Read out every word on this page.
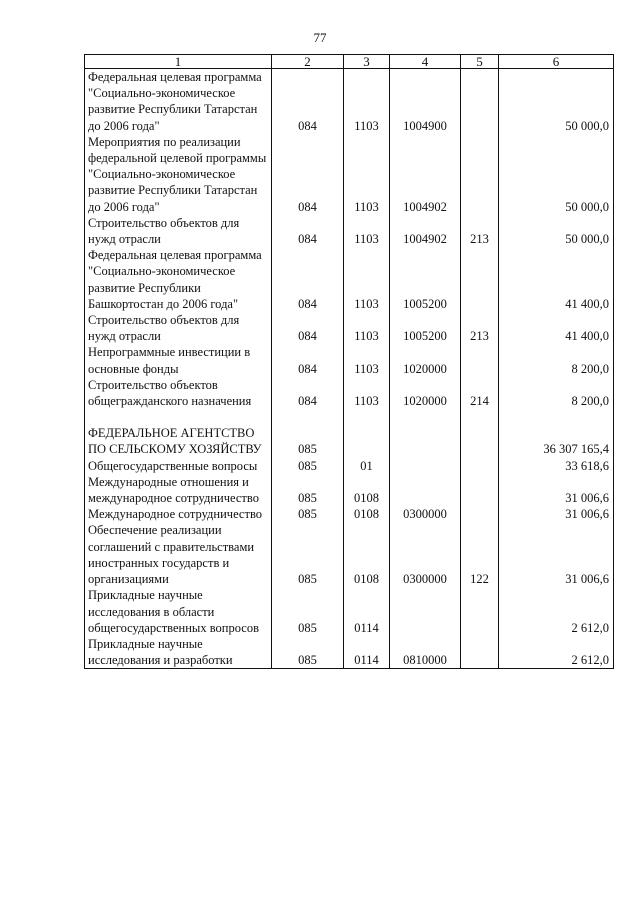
77
1	2	3	4	5	6
Федеральная целевая программа "Социально-экономическое развитие Республики Татарстан до 2006 года"	084	1103	1004900		50 000,0
Мероприятия по реализации федеральной целевой программы "Социально-экономическое развитие Республики Татарстан до 2006 года"	084	1103	1004902		50 000,0
Строительство объектов для нужд отрасли	084	1103	1004902	213	50 000,0
Федеральная целевая программа "Социально-экономическое развитие Республики Башкортостан до 2006 года"	084	1103	1005200		41 400,0
Строительство объектов для нужд отрасли	084	1103	1005200	213	41 400,0
Непрограммные инвестиции в основные фонды	084	1103	1020000		8 200,0
Строительство объектов общегражданского назначения	084	1103	1020000	214	8 200,0

ФЕДЕРАЛЬНОЕ АГЕНТСТВО ПО СЕЛЬСКОМУ ХОЗЯЙСТВУ	085				36 307 165,4
Общегосударственные вопросы	085	01			33 618,6
Международные отношения и международное сотрудничество	085	0108			31 006,6
Международное сотрудничество	085	0108	0300000		31 006,6
Обеспечение реализации соглашений с правительствами иностранных государств и организациями	085	0108	0300000	122	31 006,6
Прикладные научные исследования в области общегосударственных вопросов	085	0114			2 612,0
Прикладные научные исследования и разработки	085	0114	0810000		2 612,0
